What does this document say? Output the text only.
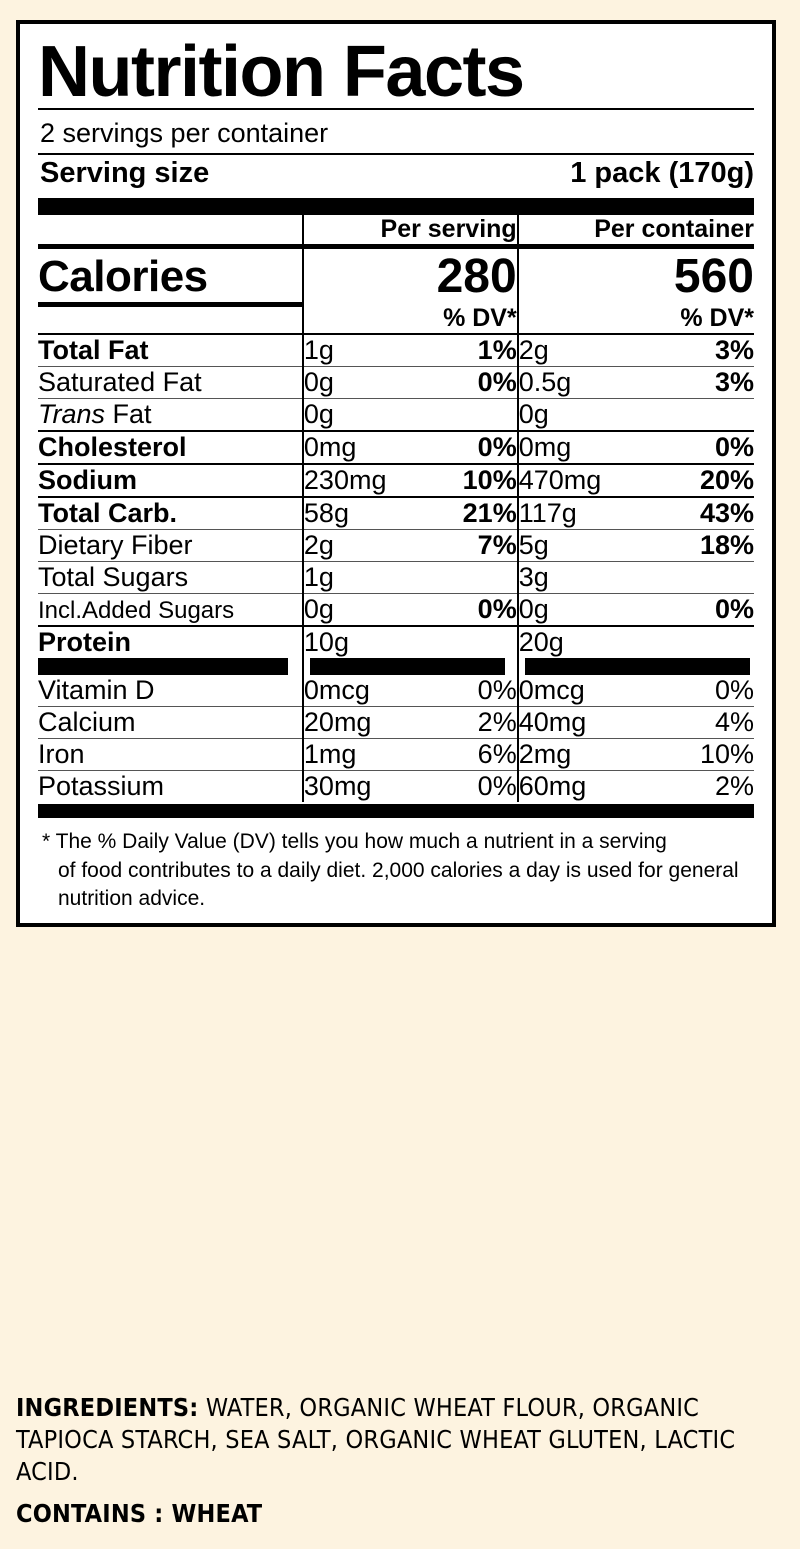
Nutrition Facts
2 servings per container
Serving size	1 pack (170g)
	Per serving		Per container	
Calories	280		560	
	% DV*		% DV*	
Total Fat	1g	1%	2g	3%
Saturated Fat	0g	0%	0.5g	3%
Trans Fat	0g		0g	
Cholesterol	0mg	0%	0mg	0%
Sodium	230mg	10%	470mg	20%
Total Carb.	58g	21%	117g	43%
Dietary Fiber	2g	7%	5g	18%
Total Sugars	1g		3g	
Incl.Added Sugars	0g	0%	0g	0%
Protein	10g		20g	

Vitamin D	0mcg	0%	0mcg	0%
Calcium	20mg	2%	40mg	4%
Iron	1mg	6%	2mg	10%
Potassium	30mg	0%	60mg	2%
* The % Daily Value (DV) tells you how much a nutrient in a serving
of food contributes to a daily diet. 2,000 calories a day is used for general
nutrition advice.
INGREDIENTS: WATER, ORGANIC WHEAT FLOUR, ORGANIC TAPIOCA STARCH, SEA SALT, ORGANIC WHEAT GLUTEN, LACTIC ACID.
CONTAINS : WHEAT
